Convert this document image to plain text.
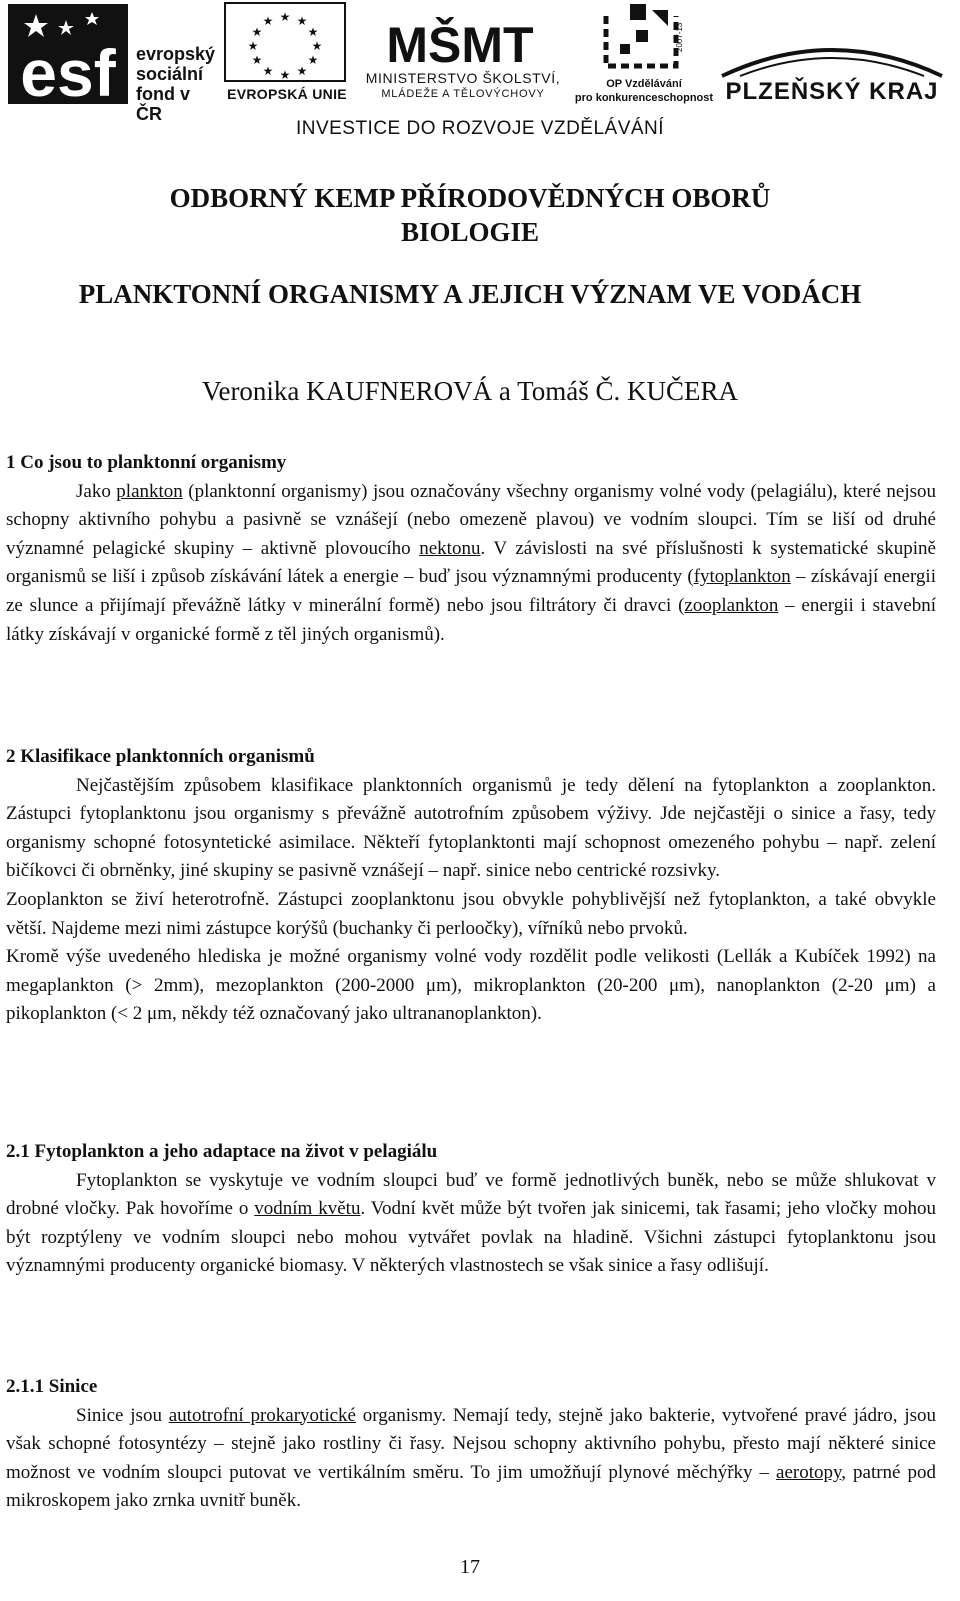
esf evropský
sociální
fond v ČR
★ ★
★
★
★
★
★
★
★
★
★
★
EVROPSKÁ UNIE
MŠMT
MINISTERSTVO ŠKOLSTVÍ,
MLÁDEŽE A TĚLOVÝCHOVY
2007-13
OP Vzdělávání
pro konkurenceschopnost PLZEŇSKÝ KRAJ
INVESTICE DO ROZVOJE VZDĚLÁVÁNÍ
ODBORNÝ KEMP PŘÍRODOVĚDNÝCH OBORŮ
BIOLOGIE
PLANKTONNÍ ORGANISMY A JEJICH VÝZNAM VE VODÁCH
Veronika KAUFNEROVÁ a Tomáš Č. KUČERA
1 Co jsou to planktonní organismy

Jako plankton (planktonní organismy) jsou označovány všechny organismy volné vody (pelagiálu), které nejsou schopny aktivního pohybu a pasivně se vznášejí (nebo omezeně plavou) ve vodním sloupci. Tím se liší od druhé významné pelagické skupiny – aktivně plovoucího nektonu. V závislosti na své příslušnosti k systematické skupině organismů se liší i způsob získávání látek a energie – buď jsou významnými producenty (fytoplankton – získávají energii ze slunce a přijímají převážně látky v minerální formě) nebo jsou filtrátory či dravci (zooplankton – energii i stavební látky získávají v organické formě z těl jiných organismů).

2 Klasifikace planktonních organismů

Nejčastějším způsobem klasifikace planktonních organismů je tedy dělení na fytoplankton a zooplankton. Zástupci fytoplanktonu jsou organismy s převážně autotrofním způsobem výživy. Jde nejčastěji o sinice a řasy, tedy organismy schopné fotosyntetické asimilace. Někteří fytoplanktonti mají schopnost omezeného pohybu – např. zelení bičíkovci či obrněnky, jiné skupiny se pasivně vznášejí – např. sinice nebo centrické rozsivky.

Zooplankton se živí heterotrofně. Zástupci zooplanktonu jsou obvykle pohyblivější než fytoplankton, a také obvykle větší. Najdeme mezi nimi zástupce korýšů (buchanky či perloočky), vířníků nebo prvoků.

Kromě výše uvedeného hlediska je možné organismy volné vody rozdělit podle velikosti (Lellák a Kubíček 1992) na megaplankton (> 2mm), mezoplankton (200-2000 μm), mikroplankton (20-200 μm), nanoplankton (2-20 μm) a pikoplankton (< 2 μm, někdy též označovaný jako ultrananoplankton).

2.1 Fytoplankton a jeho adaptace na život v pelagiálu

Fytoplankton se vyskytuje ve vodním sloupci buď ve formě jednotlivých buněk, nebo se může shlukovat v drobné vločky. Pak hovoříme o vodním květu. Vodní květ může být tvořen jak sinicemi, tak řasami; jeho vločky mohou být rozptýleny ve vodním sloupci nebo mohou vytvářet povlak na hladině. Všichni zástupci fytoplanktonu jsou významnými producenty organické biomasy. V některých vlastnostech se však sinice a řasy odlišují.

2.1.1 Sinice

Sinice jsou autotrofní prokaryotické organismy. Nemají tedy, stejně jako bakterie, vytvořené pravé jádro, jsou však schopné fotosyntézy – stejně jako rostliny či řasy. Nejsou schopny aktivního pohybu, přesto mají některé sinice možnost ve vodním sloupci putovat ve vertikálním směru. To jim umožňují plynové měchýřky – aerotopy, patrné pod mikroskopem jako zrnka uvnitř buněk.

17
